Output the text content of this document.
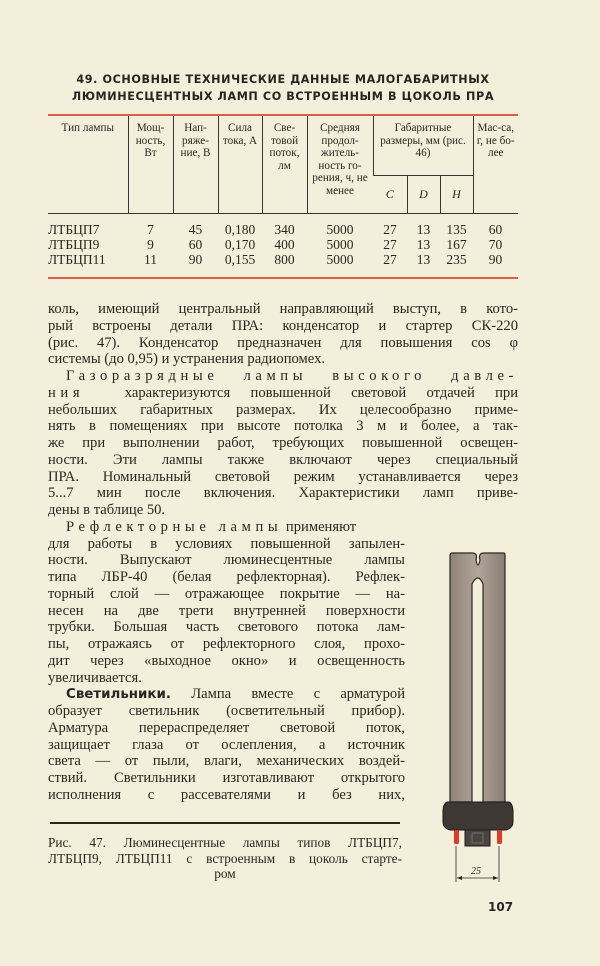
49. ОСНОВНЫЕ ТЕХНИЧЕСКИЕ ДАННЫЕ МАЛОГАБАРИТНЫХ
ЛЮМИНЕСЦЕНТНЫХ ЛАМП СО ВСТРОЕННЫМ В ЦОКОЛЬ ПРА
Тип лампы	Мощ-ность, Вт	Нап-ряже-ние, В	Сила тока, А	Све-товой поток, лм	Средняя продол-житель-ность го-рения, ч, не менее	Габаритные размеры, мм (рис. 46)			Мас-са, г, не бо-лее
						C	D	H	
ЛТБЦП7	7	45	0,180	340	5000	27	13	135	60
ЛТБЦП9	9	60	0,170	400	5000	27	13	167	70
ЛТБЦП11	11	90	0,155	800	5000	27	13	235	90
коль, имеющий центральный направляющий выступ, в кото-
рый встроены детали ПРА: конденсатор и стартер СК-220
(рис. 47). Конденсатор предназначен для повышения cos φ
системы (до 0,95) и устранения радиопомех.
Газоразрядные лампы высокого давле-
ния	характеризуются повышенной световой отдачей при
небольших габаритных размерах. Их целесообразно приме-
нять в помещениях при высоте потолка 3 м и более, а так-
же при выполнении работ, требующих повышенной освещен-
ности. Эти лампы также включают через специальный
ПРА. Номинальный световой режим устанавливается через
5...7 мин после включения. Характеристики ламп приве-
дены в таблице 50.
Рефлекторные лампы применяют
для работы в условиях повышенной запылен-
ности. Выпускают люминесцентные лампы
типа ЛБР-40 (белая рефлекторная). Рефлек-
торный слой — отражающее покрытие — на-
несен на две трети внутренней поверхности
трубки. Большая часть светового потока лам-
пы, отражаясь от рефлекторного слоя, прохо-
дит через «выходное окно» и освещенность
увеличивается.
Светильники. Лампа вместе с арматурой
образует светильник (осветительный прибор).
Арматура перераспределяет световой поток,
защищает глаза от ослепления, а источник
света — от пыли, влаги, механических воздей-
ствий. Светильники изготавливают открытого
исполнения с рассевателями и без них,
Рис. 47. Люминесцентные лампы типов ЛТБЦП7,
ЛТБЦП9, ЛТБЦП11 с встроенным в цоколь старте-
ром	25
107
